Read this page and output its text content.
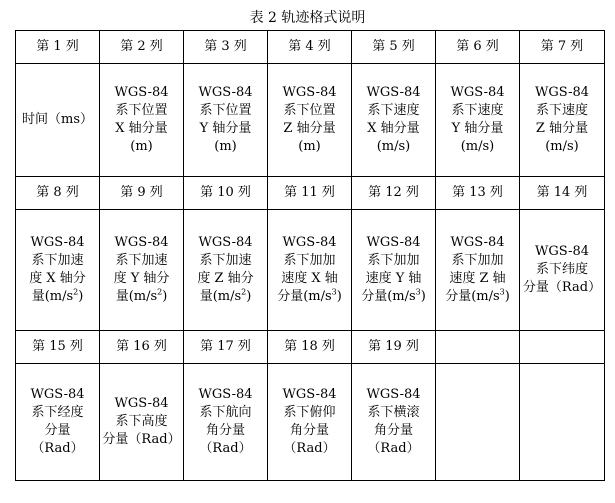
表 2 轨迹格式说明
第 1 列	第 2 列	第 3 列	第 4 列	第 5 列	第 6 列	第 7 列

时间（ms）	WGS-84
系下位置
X 轴分量
(m)	WGS-84
系下位置
Y 轴分量
(m)	WGS-84
系下位置
Z 轴分量
(m)	WGS-84
系下速度
X 轴分量
(m/s)	WGS-84
系下速度
Y 轴分量
(m/s)	WGS-84
系下速度
Z 轴分量
(m/s)

第 8 列	第 9 列	第 10 列	第 11 列	第 12 列	第 13 列	第 14 列

WGS-84
系下加速
度 X 轴分
量$(m/s^2)$	WGS-84
系下加速
度 Y 轴分
量$(m/s^2)$	WGS-84
系下加速
度 Z 轴分
量$(m/s^2)$	WGS-84
系下加加
速度 X 轴
分量$(m/s^3)$	WGS-84
系下加加
速度 Y 轴
分量$(m/s^3)$	WGS-84
系下加加
速度 Z 轴
分量$(m/s^3)$	WGS-84
系下纬度
分量（Rad）

第 15 列	第 16 列	第 17 列	第 18 列	第 19 列		

WGS-84
系下经度
分量
（Rad）	WGS-84
系下高度
分量（Rad）	WGS-84
系下航向
角分量
（Rad）	WGS-84
系下俯仰
角分量
（Rad）	WGS-84
系下横滚
角分量
（Rad）		
